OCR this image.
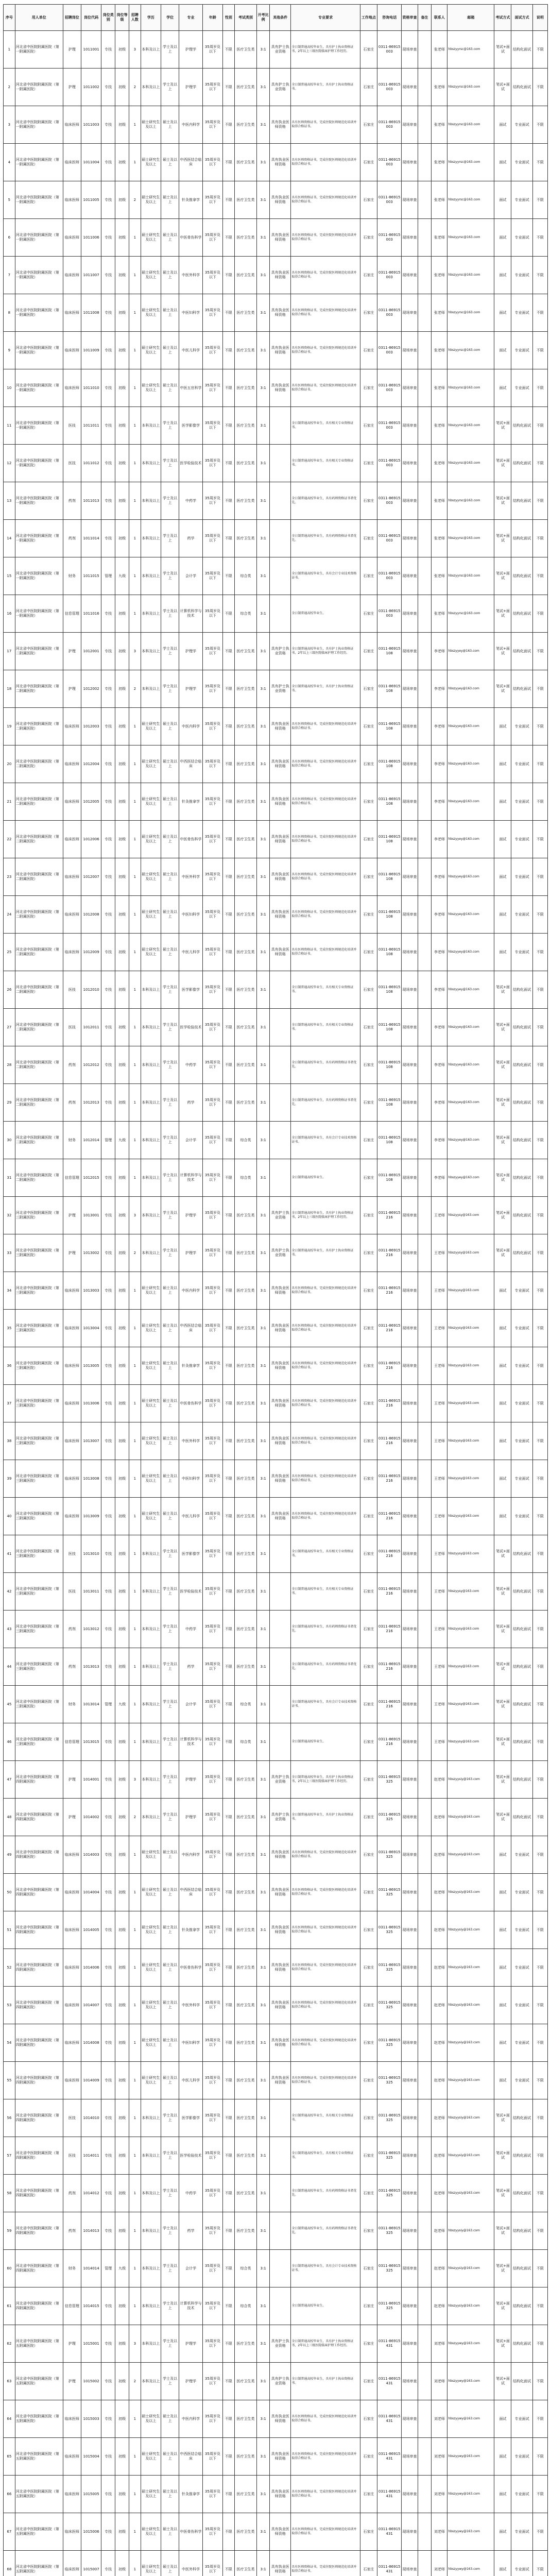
序号	用人单位	招聘岗位	岗位代码	岗位类别	岗位等级	招聘人数	学历	学位	专业	年龄	性别	考试类别	开考比例	其他条件	专业要求	工作地点	咨询电话	资格审查	备注	联系人	邮箱	考试方式	面试方式	说明
1	河北省中医院附属医院（第一附属医院）	护理	1011001	专技	初级	3	本科及以上	学士及以上	护理学	35周岁及以下	不限	医疗卫生类	3:1	具有护士执业资格	全日制普通高校毕业生，具有护士执业资格证书，2年以上三级医院临床护理工作经历。	石家庄	0311-86915003	现场审查		张老师	hbszyyrsc@163.com	笔试+面试	结构化面试	不限
2	河北省中医院附属医院（第一附属医院）	护理	1011002	专技	初级	2	本科及以上	学士及以上	护理学	35周岁及以下	不限	医疗卫生类	3:1	具有护士执业资格	全日制普通高校毕业生，具有护士执业资格证书。	石家庄	0311-86915003	现场审查		张老师	hbszyyrsc@163.com	笔试+面试	结构化面试	不限
3	河北省中医院附属医院（第一附属医院）	临床医师	1011003	专技	初级	1	硕士研究生及以上	硕士及以上	中医内科学	35周岁及以下	不限	医疗卫生类	3:1	具有执业医师资格	具有医师资格证书，完成住院医师规范化培训并取得合格证书。	石家庄	0311-86915003	现场审查		张老师	hbszyyrsc@163.com	面试	专业面试	不限
4	河北省中医院附属医院（第一附属医院）	临床医师	1011004	专技	初级	1	硕士研究生及以上	硕士及以上	中西医结合临床	35周岁及以下	不限	医疗卫生类	3:1	具有执业医师资格	具有医师资格证书，完成住院医师规范化培训并取得合格证书。	石家庄	0311-86915003	现场审查		张老师	hbszyyrsc@163.com	面试	专业面试	不限
5	河北省中医院附属医院（第一附属医院）	临床医师	1011005	专技	初级	2	硕士研究生及以上	硕士及以上	针灸推拿学	35周岁及以下	不限	医疗卫生类	3:1	具有执业医师资格	具有医师资格证书，完成住院医师规范化培训并取得合格证书。	石家庄	0311-86915003	现场审查		张老师	hbszyyrsc@163.com	面试	专业面试	不限
6	河北省中医院附属医院（第一附属医院）	临床医师	1011006	专技	初级	1	硕士研究生及以上	硕士及以上	中医骨伤科学	35周岁及以下	不限	医疗卫生类	3:1	具有执业医师资格	具有医师资格证书，完成住院医师规范化培训并取得合格证书。	石家庄	0311-86915003	现场审查		张老师	hbszyyrsc@163.com	面试	专业面试	不限
7	河北省中医院附属医院（第一附属医院）	临床医师	1011007	专技	初级	1	硕士研究生及以上	硕士及以上	中医外科学	35周岁及以下	不限	医疗卫生类	3:1	具有执业医师资格	具有医师资格证书，完成住院医师规范化培训并取得合格证书。	石家庄	0311-86915003	现场审查		张老师	hbszyyrsc@163.com	面试	专业面试	不限
8	河北省中医院附属医院（第一附属医院）	临床医师	1011008	专技	初级	1	硕士研究生及以上	硕士及以上	中医妇科学	35周岁及以下	不限	医疗卫生类	3:1	具有执业医师资格	具有医师资格证书，完成住院医师规范化培训并取得合格证书。	石家庄	0311-86915003	现场审查		张老师	hbszyyrsc@163.com	面试	专业面试	不限
9	河北省中医院附属医院（第一附属医院）	临床医师	1011009	专技	初级	1	硕士研究生及以上	硕士及以上	中医儿科学	35周岁及以下	不限	医疗卫生类	3:1	具有执业医师资格	具有医师资格证书，完成住院医师规范化培训并取得合格证书。	石家庄	0311-86915003	现场审查		张老师	hbszyyrsc@163.com	面试	专业面试	不限
10	河北省中医院附属医院（第一附属医院）	临床医师	1011010	专技	初级	1	硕士研究生及以上	硕士及以上	中医五官科学	35周岁及以下	不限	医疗卫生类	3:1	具有执业医师资格	具有医师资格证书，完成住院医师规范化培训并取得合格证书。	石家庄	0311-86915003	现场审查		张老师	hbszyyrsc@163.com	面试	专业面试	不限
11	河北省中医院附属医院（第一附属医院）	医技	1011011	专技	初级	1	本科及以上	学士及以上	医学影像学	35周岁及以下	不限	医疗卫生类	3:1		全日制普通高校毕业生，具有相关专业资格证书。	石家庄	0311-86915003	现场审查		张老师	hbszyyrsc@163.com	笔试+面试	结构化面试	不限
12	河北省中医院附属医院（第一附属医院）	医技	1011012	专技	初级	1	本科及以上	学士及以上	医学检验技术	35周岁及以下	不限	医疗卫生类	3:1		全日制普通高校毕业生，具有相关专业资格证书。	石家庄	0311-86915003	现场审查		张老师	hbszyyrsc@163.com	笔试+面试	结构化面试	不限
13	河北省中医院附属医院（第一附属医院）	药剂	1011013	专技	初级	1	本科及以上	学士及以上	中药学	35周岁及以下	不限	医疗卫生类	3:1		全日制普通高校毕业生，具有药师资格证书者优先。	石家庄	0311-86915003	现场审查		张老师	hbszyyrsc@163.com	笔试+面试	结构化面试	不限
14	河北省中医院附属医院（第一附属医院）	药剂	1011014	专技	初级	1	本科及以上	学士及以上	药学	35周岁及以下	不限	医疗卫生类	3:1		全日制普通高校毕业生，具有药师资格证书者优先。	石家庄	0311-86915003	现场审查		张老师	hbszyyrsc@163.com	笔试+面试	结构化面试	不限
15	河北省中医院附属医院（第一附属医院）	财务	1011015	管理	九级	1	本科及以上	学士及以上	会计学	35周岁及以下	不限	综合类	3:1		全日制普通高校毕业生，具有会计专业技术资格证书。	石家庄	0311-86915003	现场审查		张老师	hbszyyrsc@163.com	笔试+面试	结构化面试	不限
16	河北省中医院附属医院（第一附属医院）	信息管理	1011016	专技	初级	1	本科及以上	学士及以上	计算机科学与技术	35周岁及以下	不限	综合类	3:1		全日制普通高校毕业生。	石家庄	0311-86915003	现场审查		张老师	hbszyyrsc@163.com	笔试+面试	结构化面试	不限
17	河北省中医院附属医院（第二附属医院）	护理	1012001	专技	初级	3	本科及以上	学士及以上	护理学	35周岁及以下	不限	医疗卫生类	3:1	具有护士执业资格	全日制普通高校毕业生，具有护士执业资格证书，2年以上三级医院临床护理工作经历。	石家庄	0311-86915108	现场审查		李老师	hbszyyey@163.com	笔试+面试	结构化面试	不限
18	河北省中医院附属医院（第二附属医院）	护理	1012002	专技	初级	2	本科及以上	学士及以上	护理学	35周岁及以下	不限	医疗卫生类	3:1	具有护士执业资格	全日制普通高校毕业生，具有护士执业资格证书。	石家庄	0311-86915108	现场审查		李老师	hbszyyey@163.com	笔试+面试	结构化面试	不限
19	河北省中医院附属医院（第二附属医院）	临床医师	1012003	专技	初级	1	硕士研究生及以上	硕士及以上	中医内科学	35周岁及以下	不限	医疗卫生类	3:1	具有执业医师资格	具有医师资格证书，完成住院医师规范化培训并取得合格证书。	石家庄	0311-86915108	现场审查		李老师	hbszyyey@163.com	面试	专业面试	不限
20	河北省中医院附属医院（第二附属医院）	临床医师	1012004	专技	初级	1	硕士研究生及以上	硕士及以上	中西医结合临床	35周岁及以下	不限	医疗卫生类	3:1	具有执业医师资格	具有医师资格证书，完成住院医师规范化培训并取得合格证书。	石家庄	0311-86915108	现场审查		李老师	hbszyyey@163.com	面试	专业面试	不限
21	河北省中医院附属医院（第二附属医院）	临床医师	1012005	专技	初级	1	硕士研究生及以上	硕士及以上	针灸推拿学	35周岁及以下	不限	医疗卫生类	3:1	具有执业医师资格	具有医师资格证书，完成住院医师规范化培训并取得合格证书。	石家庄	0311-86915108	现场审查		李老师	hbszyyey@163.com	面试	专业面试	不限
22	河北省中医院附属医院（第二附属医院）	临床医师	1012006	专技	初级	1	硕士研究生及以上	硕士及以上	中医骨伤科学	35周岁及以下	不限	医疗卫生类	3:1	具有执业医师资格	具有医师资格证书，完成住院医师规范化培训并取得合格证书。	石家庄	0311-86915108	现场审查		李老师	hbszyyey@163.com	面试	专业面试	不限
23	河北省中医院附属医院（第二附属医院）	临床医师	1012007	专技	初级	1	硕士研究生及以上	硕士及以上	中医外科学	35周岁及以下	不限	医疗卫生类	3:1	具有执业医师资格	具有医师资格证书，完成住院医师规范化培训并取得合格证书。	石家庄	0311-86915108	现场审查		李老师	hbszyyey@163.com	面试	专业面试	不限
24	河北省中医院附属医院（第二附属医院）	临床医师	1012008	专技	初级	1	硕士研究生及以上	硕士及以上	中医妇科学	35周岁及以下	不限	医疗卫生类	3:1	具有执业医师资格	具有医师资格证书，完成住院医师规范化培训并取得合格证书。	石家庄	0311-86915108	现场审查		李老师	hbszyyey@163.com	面试	专业面试	不限
25	河北省中医院附属医院（第二附属医院）	临床医师	1012009	专技	初级	1	硕士研究生及以上	硕士及以上	中医儿科学	35周岁及以下	不限	医疗卫生类	3:1	具有执业医师资格	具有医师资格证书，完成住院医师规范化培训并取得合格证书。	石家庄	0311-86915108	现场审查		李老师	hbszyyey@163.com	面试	专业面试	不限
26	河北省中医院附属医院（第二附属医院）	医技	1012010	专技	初级	1	本科及以上	学士及以上	医学影像学	35周岁及以下	不限	医疗卫生类	3:1		全日制普通高校毕业生，具有相关专业资格证书。	石家庄	0311-86915108	现场审查		李老师	hbszyyey@163.com	笔试+面试	结构化面试	不限
27	河北省中医院附属医院（第二附属医院）	医技	1012011	专技	初级	1	本科及以上	学士及以上	医学检验技术	35周岁及以下	不限	医疗卫生类	3:1		全日制普通高校毕业生，具有相关专业资格证书。	石家庄	0311-86915108	现场审查		李老师	hbszyyey@163.com	笔试+面试	结构化面试	不限
28	河北省中医院附属医院（第二附属医院）	药剂	1012012	专技	初级	1	本科及以上	学士及以上	中药学	35周岁及以下	不限	医疗卫生类	3:1		全日制普通高校毕业生，具有药师资格证书者优先。	石家庄	0311-86915108	现场审查		李老师	hbszyyey@163.com	笔试+面试	结构化面试	不限
29	河北省中医院附属医院（第二附属医院）	药剂	1012013	专技	初级	1	本科及以上	学士及以上	药学	35周岁及以下	不限	医疗卫生类	3:1		全日制普通高校毕业生，具有药师资格证书者优先。	石家庄	0311-86915108	现场审查		李老师	hbszyyey@163.com	笔试+面试	结构化面试	不限
30	河北省中医院附属医院（第二附属医院）	财务	1012014	管理	九级	1	本科及以上	学士及以上	会计学	35周岁及以下	不限	综合类	3:1		全日制普通高校毕业生，具有会计专业技术资格证书。	石家庄	0311-86915108	现场审查		李老师	hbszyyey@163.com	笔试+面试	结构化面试	不限
31	河北省中医院附属医院（第二附属医院）	信息管理	1012015	专技	初级	1	本科及以上	学士及以上	计算机科学与技术	35周岁及以下	不限	综合类	3:1		全日制普通高校毕业生。	石家庄	0311-86915108	现场审查		李老师	hbszyyey@163.com	笔试+面试	结构化面试	不限
32	河北省中医院附属医院（第三附属医院）	护理	1013001	专技	初级	3	本科及以上	学士及以上	护理学	35周岁及以下	不限	医疗卫生类	3:1	具有护士执业资格	全日制普通高校毕业生，具有护士执业资格证书，2年以上三级医院临床护理工作经历。	石家庄	0311-86915216	现场审查		王老师	hbszyysy@163.com	笔试+面试	结构化面试	不限
33	河北省中医院附属医院（第三附属医院）	护理	1013002	专技	初级	2	本科及以上	学士及以上	护理学	35周岁及以下	不限	医疗卫生类	3:1	具有护士执业资格	全日制普通高校毕业生，具有护士执业资格证书。	石家庄	0311-86915216	现场审查		王老师	hbszyysy@163.com	笔试+面试	结构化面试	不限
34	河北省中医院附属医院（第三附属医院）	临床医师	1013003	专技	初级	1	硕士研究生及以上	硕士及以上	中医内科学	35周岁及以下	不限	医疗卫生类	3:1	具有执业医师资格	具有医师资格证书，完成住院医师规范化培训并取得合格证书。	石家庄	0311-86915216	现场审查		王老师	hbszyysy@163.com	面试	专业面试	不限
35	河北省中医院附属医院（第三附属医院）	临床医师	1013004	专技	初级	1	硕士研究生及以上	硕士及以上	中西医结合临床	35周岁及以下	不限	医疗卫生类	3:1	具有执业医师资格	具有医师资格证书，完成住院医师规范化培训并取得合格证书。	石家庄	0311-86915216	现场审查		王老师	hbszyysy@163.com	面试	专业面试	不限
36	河北省中医院附属医院（第三附属医院）	临床医师	1013005	专技	初级	1	硕士研究生及以上	硕士及以上	针灸推拿学	35周岁及以下	不限	医疗卫生类	3:1	具有执业医师资格	具有医师资格证书，完成住院医师规范化培训并取得合格证书。	石家庄	0311-86915216	现场审查		王老师	hbszyysy@163.com	面试	专业面试	不限
37	河北省中医院附属医院（第三附属医院）	临床医师	1013006	专技	初级	1	硕士研究生及以上	硕士及以上	中医骨伤科学	35周岁及以下	不限	医疗卫生类	3:1	具有执业医师资格	具有医师资格证书，完成住院医师规范化培训并取得合格证书。	石家庄	0311-86915216	现场审查		王老师	hbszyysy@163.com	面试	专业面试	不限
38	河北省中医院附属医院（第三附属医院）	临床医师	1013007	专技	初级	1	硕士研究生及以上	硕士及以上	中医外科学	35周岁及以下	不限	医疗卫生类	3:1	具有执业医师资格	具有医师资格证书，完成住院医师规范化培训并取得合格证书。	石家庄	0311-86915216	现场审查		王老师	hbszyysy@163.com	面试	专业面试	不限
39	河北省中医院附属医院（第三附属医院）	临床医师	1013008	专技	初级	1	硕士研究生及以上	硕士及以上	中医妇科学	35周岁及以下	不限	医疗卫生类	3:1	具有执业医师资格	具有医师资格证书，完成住院医师规范化培训并取得合格证书。	石家庄	0311-86915216	现场审查		王老师	hbszyysy@163.com	面试	专业面试	不限
40	河北省中医院附属医院（第三附属医院）	临床医师	1013009	专技	初级	1	硕士研究生及以上	硕士及以上	中医儿科学	35周岁及以下	不限	医疗卫生类	3:1	具有执业医师资格	具有医师资格证书，完成住院医师规范化培训并取得合格证书。	石家庄	0311-86915216	现场审查		王老师	hbszyysy@163.com	面试	专业面试	不限
41	河北省中医院附属医院（第三附属医院）	医技	1013010	专技	初级	1	本科及以上	学士及以上	医学影像学	35周岁及以下	不限	医疗卫生类	3:1		全日制普通高校毕业生，具有相关专业资格证书。	石家庄	0311-86915216	现场审查		王老师	hbszyysy@163.com	笔试+面试	结构化面试	不限
42	河北省中医院附属医院（第三附属医院）	医技	1013011	专技	初级	1	本科及以上	学士及以上	医学检验技术	35周岁及以下	不限	医疗卫生类	3:1		全日制普通高校毕业生，具有相关专业资格证书。	石家庄	0311-86915216	现场审查		王老师	hbszyysy@163.com	笔试+面试	结构化面试	不限
43	河北省中医院附属医院（第三附属医院）	药剂	1013012	专技	初级	1	本科及以上	学士及以上	中药学	35周岁及以下	不限	医疗卫生类	3:1		全日制普通高校毕业生，具有药师资格证书者优先。	石家庄	0311-86915216	现场审查		王老师	hbszyysy@163.com	笔试+面试	结构化面试	不限
44	河北省中医院附属医院（第三附属医院）	药剂	1013013	专技	初级	1	本科及以上	学士及以上	药学	35周岁及以下	不限	医疗卫生类	3:1		全日制普通高校毕业生，具有药师资格证书者优先。	石家庄	0311-86915216	现场审查		王老师	hbszyysy@163.com	笔试+面试	结构化面试	不限
45	河北省中医院附属医院（第三附属医院）	财务	1013014	管理	九级	1	本科及以上	学士及以上	会计学	35周岁及以下	不限	综合类	3:1		全日制普通高校毕业生，具有会计专业技术资格证书。	石家庄	0311-86915216	现场审查		王老师	hbszyysy@163.com	笔试+面试	结构化面试	不限
46	河北省中医院附属医院（第三附属医院）	信息管理	1013015	专技	初级	1	本科及以上	学士及以上	计算机科学与技术	35周岁及以下	不限	综合类	3:1		全日制普通高校毕业生。	石家庄	0311-86915216	现场审查		王老师	hbszyysy@163.com	笔试+面试	结构化面试	不限
47	河北省中医院附属医院（第四附属医院）	护理	1014001	专技	初级	3	本科及以上	学士及以上	护理学	35周岁及以下	不限	医疗卫生类	3:1	具有护士执业资格	全日制普通高校毕业生，具有护士执业资格证书，2年以上三级医院临床护理工作经历。	石家庄	0311-86915325	现场审查		赵老师	hbszyysiy@163.com	笔试+面试	结构化面试	不限
48	河北省中医院附属医院（第四附属医院）	护理	1014002	专技	初级	2	本科及以上	学士及以上	护理学	35周岁及以下	不限	医疗卫生类	3:1	具有护士执业资格	全日制普通高校毕业生，具有护士执业资格证书。	石家庄	0311-86915325	现场审查		赵老师	hbszyysiy@163.com	笔试+面试	结构化面试	不限
49	河北省中医院附属医院（第四附属医院）	临床医师	1014003	专技	初级	1	硕士研究生及以上	硕士及以上	中医内科学	35周岁及以下	不限	医疗卫生类	3:1	具有执业医师资格	具有医师资格证书，完成住院医师规范化培训并取得合格证书。	石家庄	0311-86915325	现场审查		赵老师	hbszyysiy@163.com	面试	专业面试	不限
50	河北省中医院附属医院（第四附属医院）	临床医师	1014004	专技	初级	1	硕士研究生及以上	硕士及以上	中西医结合临床	35周岁及以下	不限	医疗卫生类	3:1	具有执业医师资格	具有医师资格证书，完成住院医师规范化培训并取得合格证书。	石家庄	0311-86915325	现场审查		赵老师	hbszyysiy@163.com	面试	专业面试	不限
51	河北省中医院附属医院（第四附属医院）	临床医师	1014005	专技	初级	1	硕士研究生及以上	硕士及以上	针灸推拿学	35周岁及以下	不限	医疗卫生类	3:1	具有执业医师资格	具有医师资格证书，完成住院医师规范化培训并取得合格证书。	石家庄	0311-86915325	现场审查		赵老师	hbszyysiy@163.com	面试	专业面试	不限
52	河北省中医院附属医院（第四附属医院）	临床医师	1014006	专技	初级	1	硕士研究生及以上	硕士及以上	中医骨伤科学	35周岁及以下	不限	医疗卫生类	3:1	具有执业医师资格	具有医师资格证书，完成住院医师规范化培训并取得合格证书。	石家庄	0311-86915325	现场审查		赵老师	hbszyysiy@163.com	面试	专业面试	不限
53	河北省中医院附属医院（第四附属医院）	临床医师	1014007	专技	初级	1	硕士研究生及以上	硕士及以上	中医外科学	35周岁及以下	不限	医疗卫生类	3:1	具有执业医师资格	具有医师资格证书，完成住院医师规范化培训并取得合格证书。	石家庄	0311-86915325	现场审查		赵老师	hbszyysiy@163.com	面试	专业面试	不限
54	河北省中医院附属医院（第四附属医院）	临床医师	1014008	专技	初级	1	硕士研究生及以上	硕士及以上	中医妇科学	35周岁及以下	不限	医疗卫生类	3:1	具有执业医师资格	具有医师资格证书，完成住院医师规范化培训并取得合格证书。	石家庄	0311-86915325	现场审查		赵老师	hbszyysiy@163.com	面试	专业面试	不限
55	河北省中医院附属医院（第四附属医院）	临床医师	1014009	专技	初级	1	硕士研究生及以上	硕士及以上	中医儿科学	35周岁及以下	不限	医疗卫生类	3:1	具有执业医师资格	具有医师资格证书，完成住院医师规范化培训并取得合格证书。	石家庄	0311-86915325	现场审查		赵老师	hbszyysiy@163.com	面试	专业面试	不限
56	河北省中医院附属医院（第四附属医院）	医技	1014010	专技	初级	1	本科及以上	学士及以上	医学影像学	35周岁及以下	不限	医疗卫生类	3:1		全日制普通高校毕业生，具有相关专业资格证书。	石家庄	0311-86915325	现场审查		赵老师	hbszyysiy@163.com	笔试+面试	结构化面试	不限
57	河北省中医院附属医院（第四附属医院）	医技	1014011	专技	初级	1	本科及以上	学士及以上	医学检验技术	35周岁及以下	不限	医疗卫生类	3:1		全日制普通高校毕业生，具有相关专业资格证书。	石家庄	0311-86915325	现场审查		赵老师	hbszyysiy@163.com	笔试+面试	结构化面试	不限
58	河北省中医院附属医院（第四附属医院）	药剂	1014012	专技	初级	1	本科及以上	学士及以上	中药学	35周岁及以下	不限	医疗卫生类	3:1		全日制普通高校毕业生，具有药师资格证书者优先。	石家庄	0311-86915325	现场审查		赵老师	hbszyysiy@163.com	笔试+面试	结构化面试	不限
59	河北省中医院附属医院（第四附属医院）	药剂	1014013	专技	初级	1	本科及以上	学士及以上	药学	35周岁及以下	不限	医疗卫生类	3:1		全日制普通高校毕业生，具有药师资格证书者优先。	石家庄	0311-86915325	现场审查		赵老师	hbszyysiy@163.com	笔试+面试	结构化面试	不限
60	河北省中医院附属医院（第四附属医院）	财务	1014014	管理	九级	1	本科及以上	学士及以上	会计学	35周岁及以下	不限	综合类	3:1		全日制普通高校毕业生，具有会计专业技术资格证书。	石家庄	0311-86915325	现场审查		赵老师	hbszyysiy@163.com	笔试+面试	结构化面试	不限
61	河北省中医院附属医院（第四附属医院）	信息管理	1014015	专技	初级	1	本科及以上	学士及以上	计算机科学与技术	35周岁及以下	不限	综合类	3:1		全日制普通高校毕业生。	石家庄	0311-86915325	现场审查		赵老师	hbszyysiy@163.com	笔试+面试	结构化面试	不限
62	河北省中医院附属医院（第五附属医院）	护理	1015001	专技	初级	3	本科及以上	学士及以上	护理学	35周岁及以下	不限	医疗卫生类	3:1	具有护士执业资格	全日制普通高校毕业生，具有护士执业资格证书，2年以上三级医院临床护理工作经历。	石家庄	0311-86915431	现场审查		刘老师	hbszyywy@163.com	笔试+面试	结构化面试	不限
63	河北省中医院附属医院（第五附属医院）	护理	1015002	专技	初级	2	本科及以上	学士及以上	护理学	35周岁及以下	不限	医疗卫生类	3:1	具有护士执业资格	全日制普通高校毕业生，具有护士执业资格证书。	石家庄	0311-86915431	现场审查		刘老师	hbszyywy@163.com	笔试+面试	结构化面试	不限
64	河北省中医院附属医院（第五附属医院）	临床医师	1015003	专技	初级	1	硕士研究生及以上	硕士及以上	中医内科学	35周岁及以下	不限	医疗卫生类	3:1	具有执业医师资格	具有医师资格证书，完成住院医师规范化培训并取得合格证书。	石家庄	0311-86915431	现场审查		刘老师	hbszyywy@163.com	面试	专业面试	不限
65	河北省中医院附属医院（第五附属医院）	临床医师	1015004	专技	初级	1	硕士研究生及以上	硕士及以上	中西医结合临床	35周岁及以下	不限	医疗卫生类	3:1	具有执业医师资格	具有医师资格证书，完成住院医师规范化培训并取得合格证书。	石家庄	0311-86915431	现场审查		刘老师	hbszyywy@163.com	面试	专业面试	不限
66	河北省中医院附属医院（第五附属医院）	临床医师	1015005	专技	初级	1	硕士研究生及以上	硕士及以上	针灸推拿学	35周岁及以下	不限	医疗卫生类	3:1	具有执业医师资格	具有医师资格证书，完成住院医师规范化培训并取得合格证书。	石家庄	0311-86915431	现场审查		刘老师	hbszyywy@163.com	面试	专业面试	不限
67	河北省中医院附属医院（第五附属医院）	临床医师	1015006	专技	初级	1	硕士研究生及以上	硕士及以上	中医骨伤科学	35周岁及以下	不限	医疗卫生类	3:1	具有执业医师资格	具有医师资格证书，完成住院医师规范化培训并取得合格证书。	石家庄	0311-86915431	现场审查		刘老师	hbszyywy@163.com	面试	专业面试	不限
68	河北省中医院附属医院（第五附属医院）	临床医师	1015007	专技	初级	1	硕士研究生及以上	硕士及以上	中医外科学	35周岁及以下	不限	医疗卫生类	3:1	具有执业医师资格	具有医师资格证书，完成住院医师规范化培训并取得合格证书。	石家庄	0311-86915431	现场审查		刘老师	hbszyywy@163.com	面试	专业面试	不限
